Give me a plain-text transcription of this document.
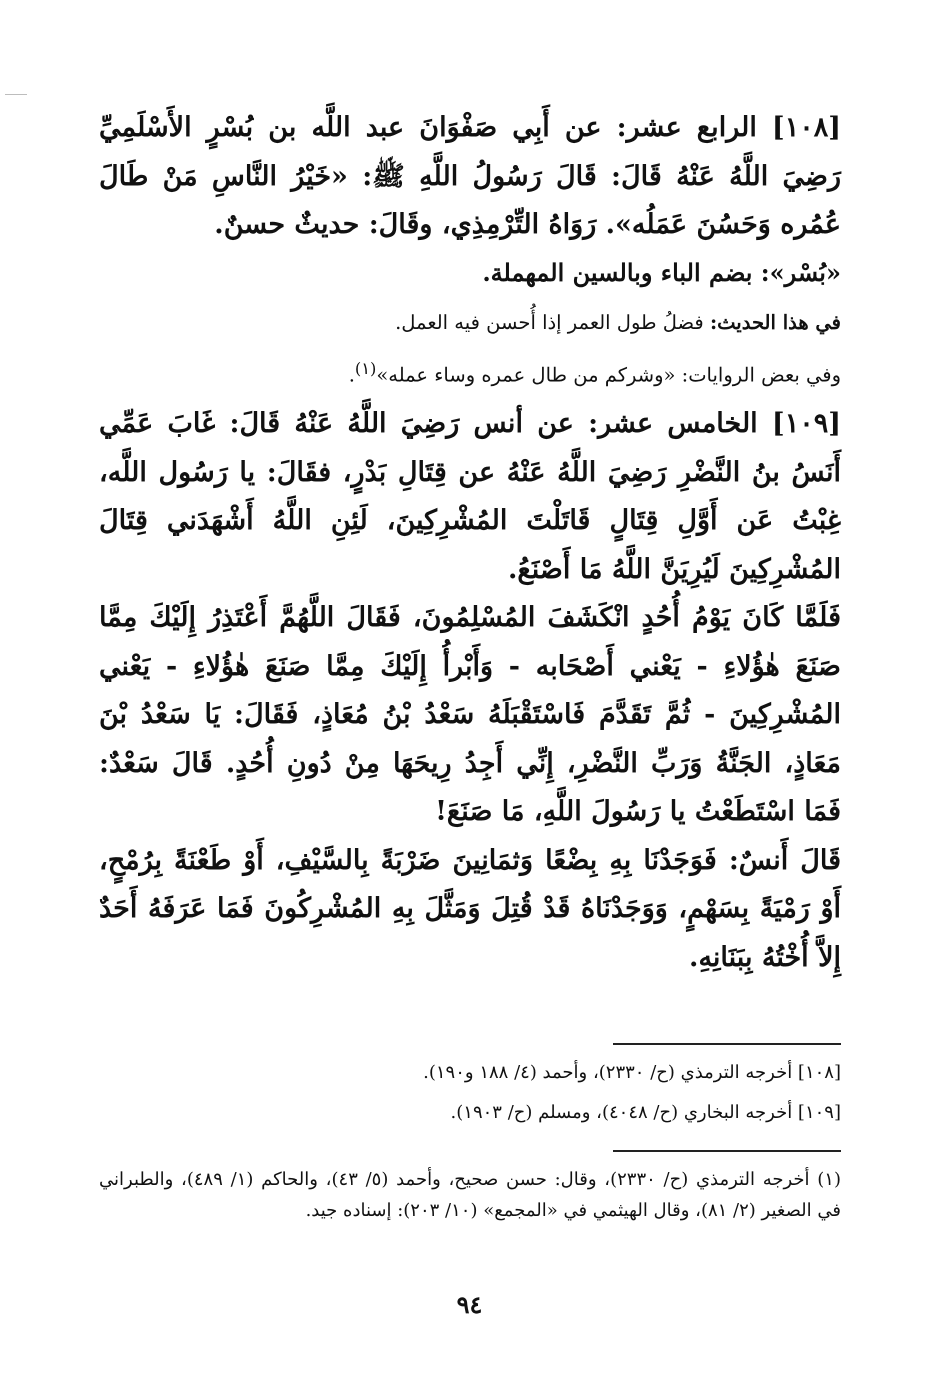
[١٠٨] الرابع عشر: عن أَبِي صَفْوَانَ عبد اللَّه بن بُسْرٍ الأَسْلَمِيِّ رَضِيَ اللَّهُ عَنْهُ قَالَ: قَالَ رَسُولُ اللَّهِ ﷺ: «خَيْرُ النَّاسِ مَنْ طَالَ عُمُره وَحَسُنَ عَمَلُه». رَوَاهُ التِّرْمِذِي، وقَالَ: حديثٌ حسنٌ.

«بُسْر»: بضم الباء وبالسين المهملة.

في هذا الحديث: فضلُ طول العمر إذا أُحسن فيه العمل.

وفي بعض الروايات: «وشركم من طال عمره وساء عمله»$^{(١)}$.

[١٠٩] الخامس عشر: عن أنس رَضِيَ اللَّهُ عَنْهُ قَالَ: غَابَ عَمِّي أَنَسُ بنُ النَّضْرِ رَضِيَ اللَّهُ عَنْهُ عن قِتَالِ بَدْرٍ، فقَالَ: يا رَسُول اللَّه، غِبْتُ عَن أَوَّلِ قِتَالٍ قَاتَلْتَ المُشْرِكِينَ، لَئِنِ اللَّهُ أَشْهَدَني قِتَالَ المُشْرِكِينَ لَيُرِيَنَّ اللَّهُ مَا أَصْنَعُ.

فَلَمَّا كَانَ يَوْمُ أُحُدٍ انْكَشَفَ المُسْلِمُونَ، فَقَالَ اللَّهُمَّ أَعْتَذِرُ إِلَيْكَ مِمَّا صَنَعَ هٰؤُلاءِ - يَعْني أَصْحَابه - وَأَبْرأُ إِلَيْكَ مِمَّا صَنَعَ هٰؤُلاءِ - يَعْني المُشْرِكِينَ - ثُمَّ تَقَدَّمَ فَاسْتَقْبَلَهُ سَعْدُ بْنُ مُعَاذٍ، فَقَالَ: يَا سَعْدُ بْنَ مَعَاذٍ، الجَنَّةُ وَرَبِّ النَّضْرِ، إِنِّي أَجِدُ رِيحَهَا مِنْ دُونِ أُحُدٍ. قَالَ سَعْدٌ: فَمَا اسْتَطَعْتُ يا رَسُولَ اللَّهِ، مَا صَنَعَ!

قَالَ أَنسٌ: فَوَجَدْنَا بِهِ بِضْعًا وَثمَانِينَ ضَرْبَةً بِالسَّيْفِ، أَوْ طَعْنَةً بِرُمْحٍ، أَوْ رَمْيَةً بِسَهْمٍ، وَوَجَدْنَاهُ قَدْ قُتِلَ وَمَثَّلَ بِهِ المُشْرِكُونَ فَمَا عَرَفَهُ أَحَدٌ إِلاَّ أُخْتُهُ بِبَنَانِهِ.

[١٠٨] أخرجه الترمذي (ح/ ٢٣٣٠)، وأحمد (٤/ ١٨٨ و١٩٠).
[١٠٩] أخرجه البخاري (ح/ ٤٠٤٨)، ومسلم (ح/ ١٩٠٣).
(١) أخرجه الترمذي (ح/ ٢٣٣٠)، وقال: حسن صحيح، وأحمد (٥/ ٤٣)، والحاكم (١/ ٤٨٩)، والطبراني في الصغير (٢/ ٨١)، وقال الهيثمي في «المجمع» (١٠/ ٢٠٣): إسناده جيد.
٩٤
